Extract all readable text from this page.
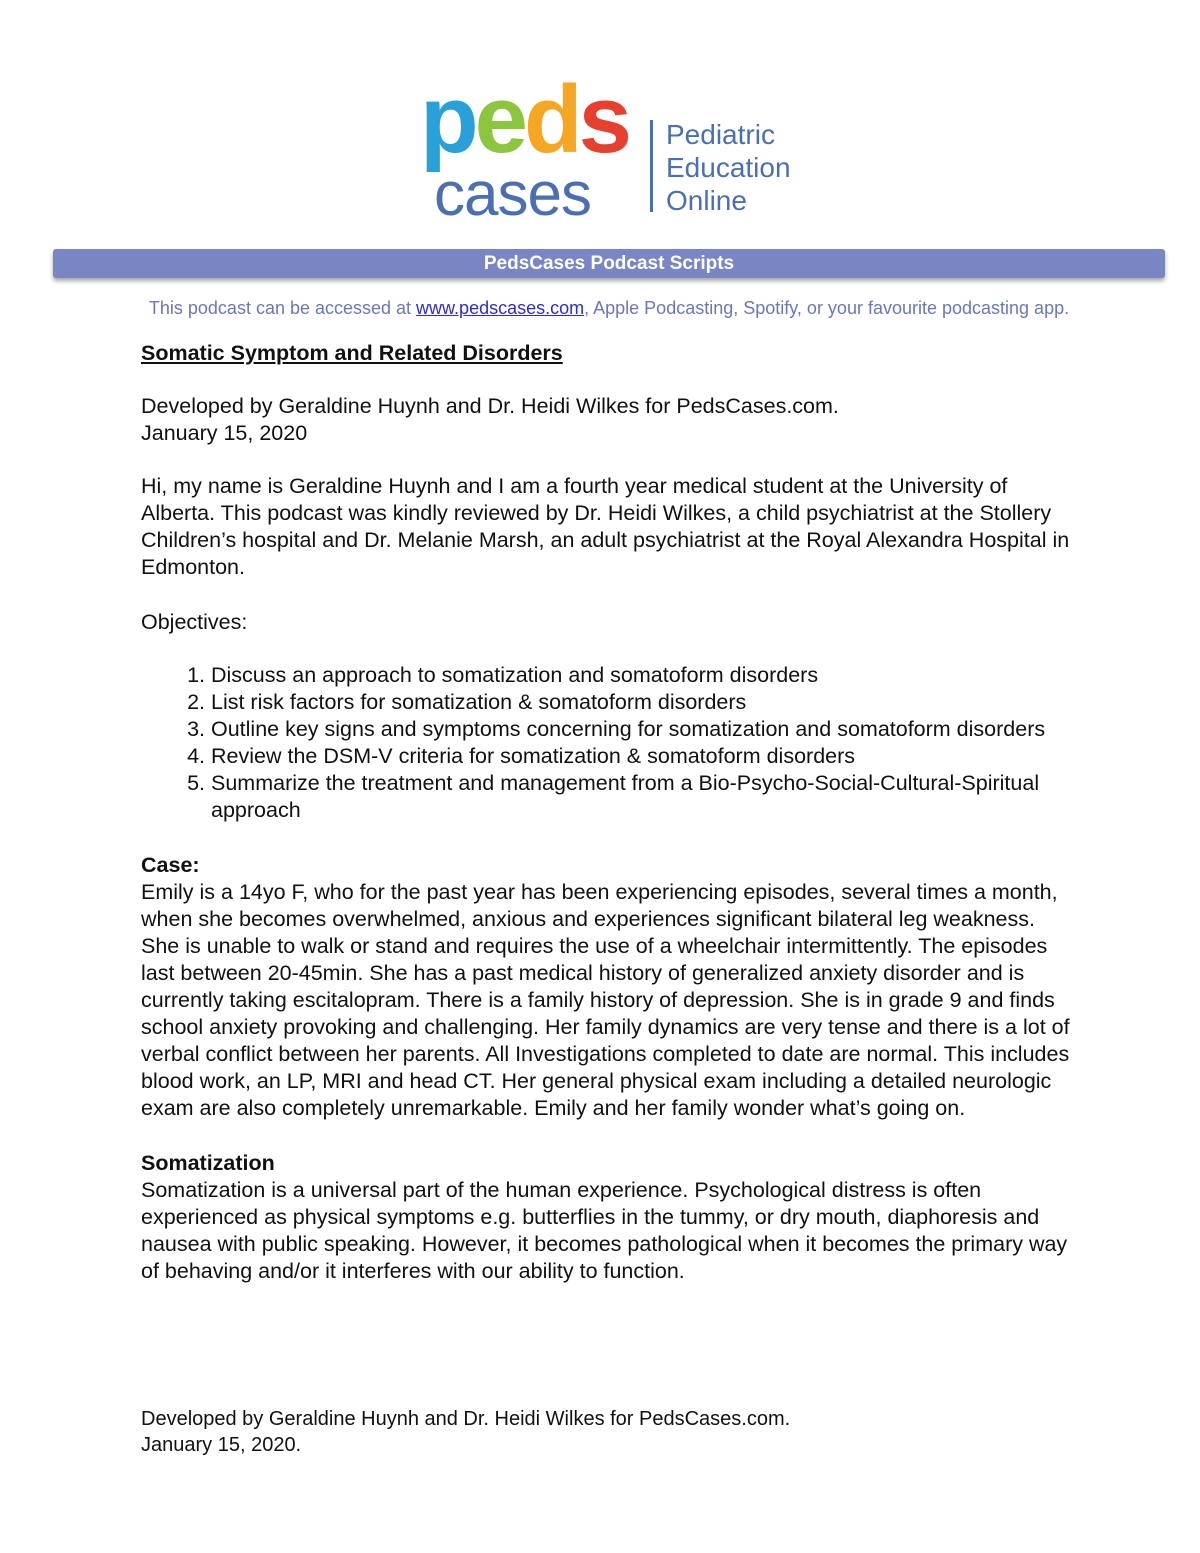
peds
cases
Pediatric
Education
Online
PedsCases Podcast Scripts
This podcast can be accessed at www.pedscases.com, Apple Podcasting, Spotify, or your favourite podcasting app.

Somatic Symptom and Related Disorders

Developed by Geraldine Huynh and Dr. Heidi Wilkes for PedsCases.com.

January 15, 2020

Hi, my name is Geraldine Huynh and I am a fourth year medical student at the University of Alberta. This podcast was kindly reviewed by Dr. Heidi Wilkes, a child psychiatrist at the Stollery Children’s hospital and Dr. Melanie Marsh, an adult psychiatrist at the Royal Alexandra Hospital in Edmonton.

Objectives:

1. Discuss an approach to somatization and somatoform disorders
2. List risk factors for somatization & somatoform disorders
3. Outline key signs and symptoms concerning for somatization and somatoform disorders
4. Review the DSM-V criteria for somatization & somatoform disorders
5. Summarize the treatment and management from a Bio-Psycho-Social-Cultural-Spiritual approach

Case:

Emily is a 14yo F, who for the past year has been experiencing episodes, several times a month, when she becomes overwhelmed, anxious and experiences significant bilateral leg weakness. She is unable to walk or stand and requires the use of a wheelchair intermittently. The episodes last between 20-45min. She has a past medical history of generalized anxiety disorder and is currently taking escitalopram. There is a family history of depression. She is in grade 9 and finds school anxiety provoking and challenging. Her family dynamics are very tense and there is a lot of verbal conflict between her parents. All Investigations completed to date are normal. This includes blood work, an LP, MRI and head CT. Her general physical exam including a detailed neurologic exam are also completely unremarkable. Emily and her family wonder what’s going on.

Somatization

Somatization is a universal part of the human experience. Psychological distress is often experienced as physical symptoms e.g. butterflies in the tummy, or dry mouth, diaphoresis and nausea with public speaking. However, it becomes pathological when it becomes the primary way of behaving and/or it interferes with our ability to function.

Developed by Geraldine Huynh and Dr. Heidi Wilkes for PedsCases.com.

January 15, 2020.
